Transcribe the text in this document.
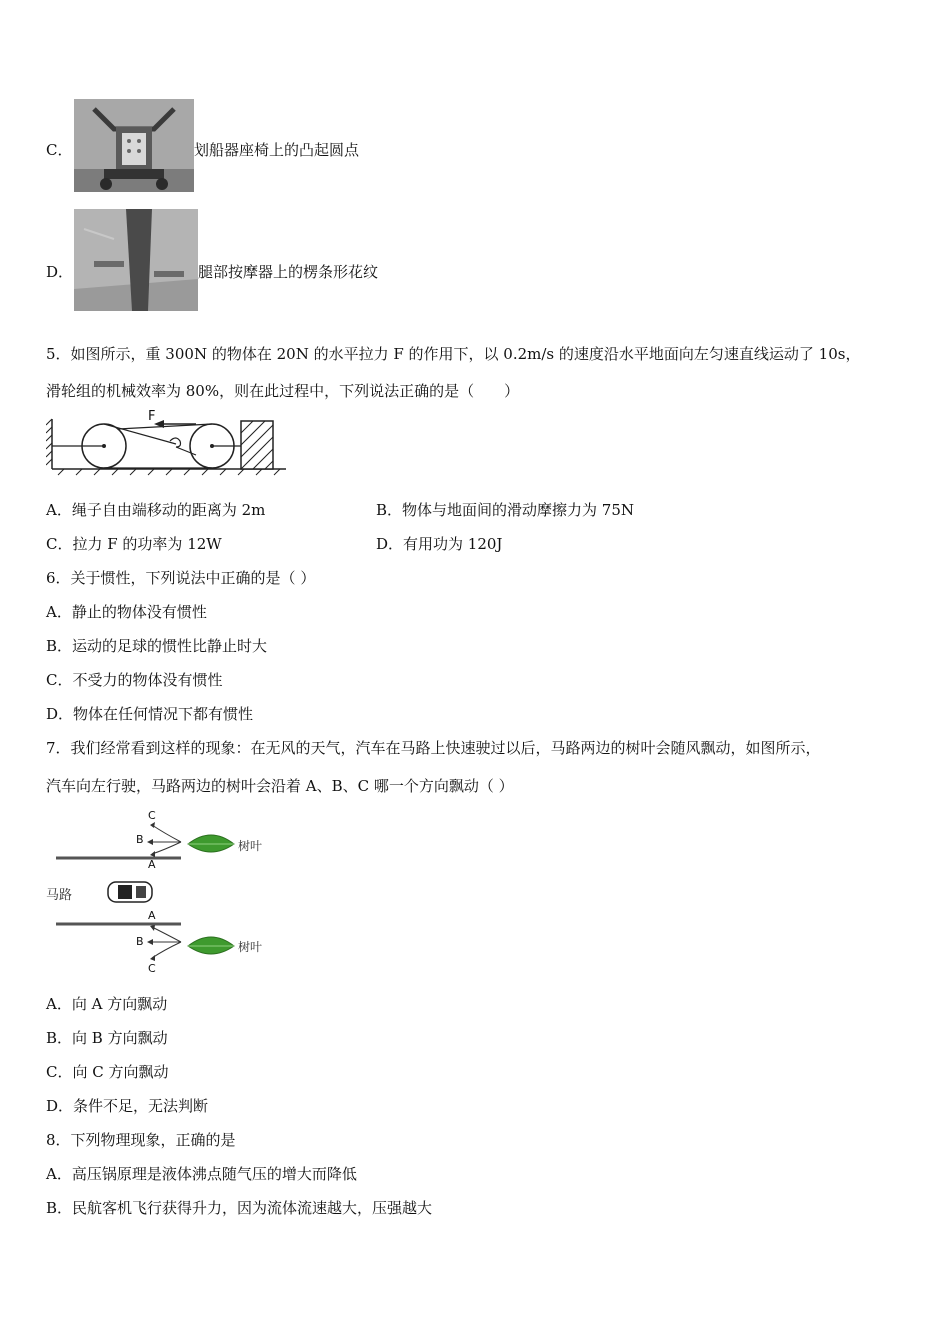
C．	划船器座椅上的凸起圆点
D．	腿部按摩器上的楞条形花纹
5．如图所示，重 300N 的物体在 20N 的水平拉力 F 的作用下，以 0.2m/s 的速度沿水平地面向左匀速直线运动了 10s，
滑轮组的机械效率为 80%，则在此过程中，下列说法正确的是（　　）
F
A．绳子自由端移动的距离为 2m	B．物体与地面间的滑动摩擦力为 75N
C．拉力 F 的功率为 12W	D．有用功为 120J
6．关于惯性，下列说法中正确的是（ ）
A．静止的物体没有惯性
B．运动的足球的惯性比静止时大
C．不受力的物体没有惯性
D．物体在任何情况下都有惯性
7．我们经常看到这样的现象：在无风的天气，汽车在马路上快速驶过以后，马路两边的树叶会随风飘动，如图所示，
汽车向左行驶，马路两边的树叶会沿着 A、B、C 哪一个方向飘动（ ）
C
B
A
马路
A
B
C
树叶
树叶
A．向 A 方向飘动
B．向 B 方向飘动
C．向 C 方向飘动
D．条件不足，无法判断
8．下列物理现象，正确的是
A．高压锅原理是液体沸点随气压的增大而降低
B．民航客机飞行获得升力，因为流体流速越大，压强越大
